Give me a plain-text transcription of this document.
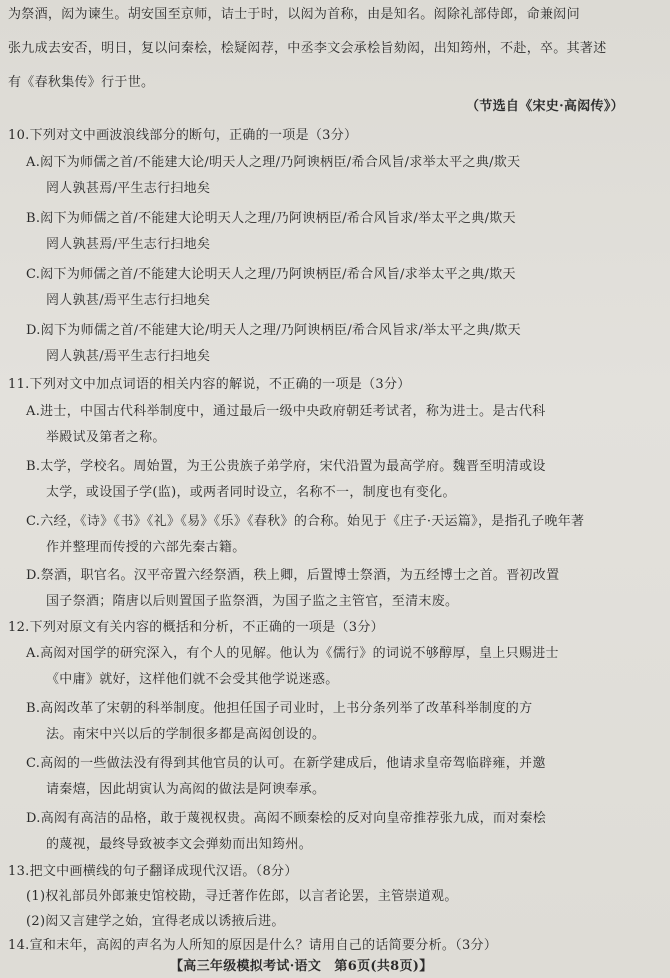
为祭酒，闳为谏生。胡安国至京师，诘士于时，以闳为首称，由是知名。闳除礼部侍郎，命兼闳问
张九成去安否，明日，复以问秦桧，桧疑闳荐，中丞李文会承桧旨劾闳，出知筠州，不赴，卒。其著述
有《春秋集传》行于世。
（节选自《宋史·高闳传》）
10.下列对文中画波浪线部分的断句，正确的一项是（3分）
A.闳下为师儒之首/不能建大论/明天人之理/乃阿谀柄臣/希合风旨/求举太平之典/欺天
罔人孰甚焉/平生志行扫地矣
B.闳下为师儒之首/不能建大论明天人之理/乃阿谀柄臣/希合风旨求/举太平之典/欺天
罔人孰甚焉/平生志行扫地矣
C.闳下为师儒之首/不能建大论明天人之理/乃阿谀柄臣/希合风旨/求举太平之典/欺天
罔人孰甚/焉平生志行扫地矣
D.闳下为师儒之首/不能建大论/明天人之理/乃阿谀柄臣/希合风旨求/举太平之典/欺天
罔人孰甚/焉平生志行扫地矣
11.下列对文中加点词语的相关内容的解说，不正确的一项是（3分）
A.进士，中国古代科举制度中，通过最后一级中央政府朝廷考试者，称为进士。是古代科
举殿试及第者之称。
B.太学，学校名。周始置，为王公贵族子弟学府，宋代沿置为最高学府。魏晋至明清或设
太学，或设国子学(监)，或两者同时设立，名称不一，制度也有变化。
C.六经，《诗》《书》《礼》《易》《乐》《春秋》的合称。始见于《庄子·天运篇》，是指孔子晚年著
作并整理而传授的六部先秦古籍。
D.祭酒，职官名。汉平帝置六经祭酒，秩上卿，后置博士祭酒，为五经博士之首。晋初改置
国子祭酒；隋唐以后则置国子监祭酒，为国子监之主管官，至清末废。
12.下列对原文有关内容的概括和分析，不正确的一项是（3分）
A.高闳对国学的研究深入，有个人的见解。他认为《儒行》的词说不够醇厚，皇上只赐进士
《中庸》就好，这样他们就不会受其他学说迷惑。
B.高闳改革了宋朝的科举制度。他担任国子司业时，上书分条列举了改革科举制度的方
法。南宋中兴以后的学制很多都是高闳创设的。
C.高闳的一些做法没有得到其他官员的认可。在新学建成后，他请求皇帝驾临辟雍，并邀
请秦熺，因此胡寅认为高闳的做法是阿谀奉承。
D.高闳有高洁的品格，敢于蔑视权贵。高闳不顾秦桧的反对向皇帝推荐张九成，而对秦桧
的蔑视，最终导致被李文会弹劾而出知筠州。
13.把文中画横线的句子翻译成现代汉语。（8分）
(1)权礼部员外郎兼史馆校勘，寻迁著作佐郎，以言者论罢，主管崇道观。
(2)闳又言建学之始，宜得老成以诱掖后进。
14.宣和末年，高闳的声名为人所知的原因是什么？请用自己的话简要分析。（3分）
【高三年级模拟考试·语文　第6页(共8页)】
